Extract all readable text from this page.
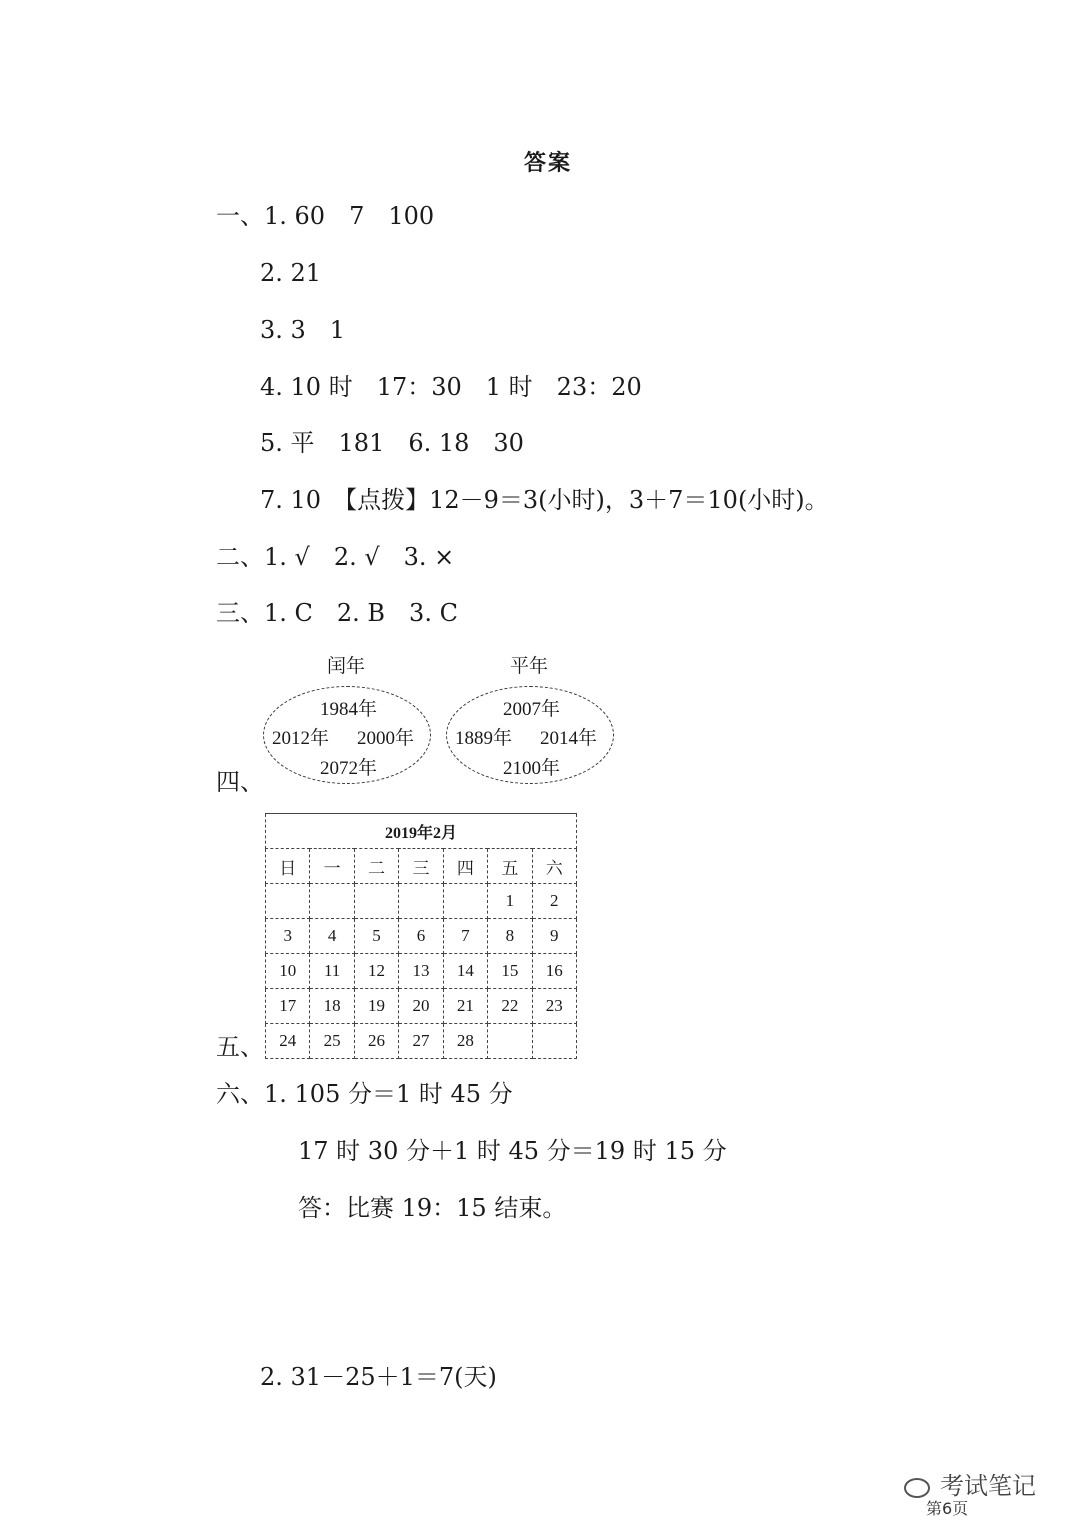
答案
一、1. 60　7　100
2. 21
3. 3　1
4. 10 时　17：30　1 时　23：20
5. 平　181　6. 18　30
7. 10　【点拨】12－9＝3(小时)，3＋7＝10(小时)。
二、1. √　2. √　3. ×
三、1. C　2. B　3. C
闰年	平年
1984年
2012年 2000年
2072年
2007年
1889年 2014年
2100年
四、
2019年2月						
日	一	二	三	四	五	六
					1	2
3	4	5	6	7	8	9
10	11	12	13	14	15	16
17	18	19	20	21	22	23
24	25	26	27	28		
五、
六、1. 105 分＝1 时 45 分
17 时 30 分＋1 时 45 分＝19 时 15 分
答：比赛 19：15 结束。
2. 31－25＋1＝7(天)
考试笔记
第6页
